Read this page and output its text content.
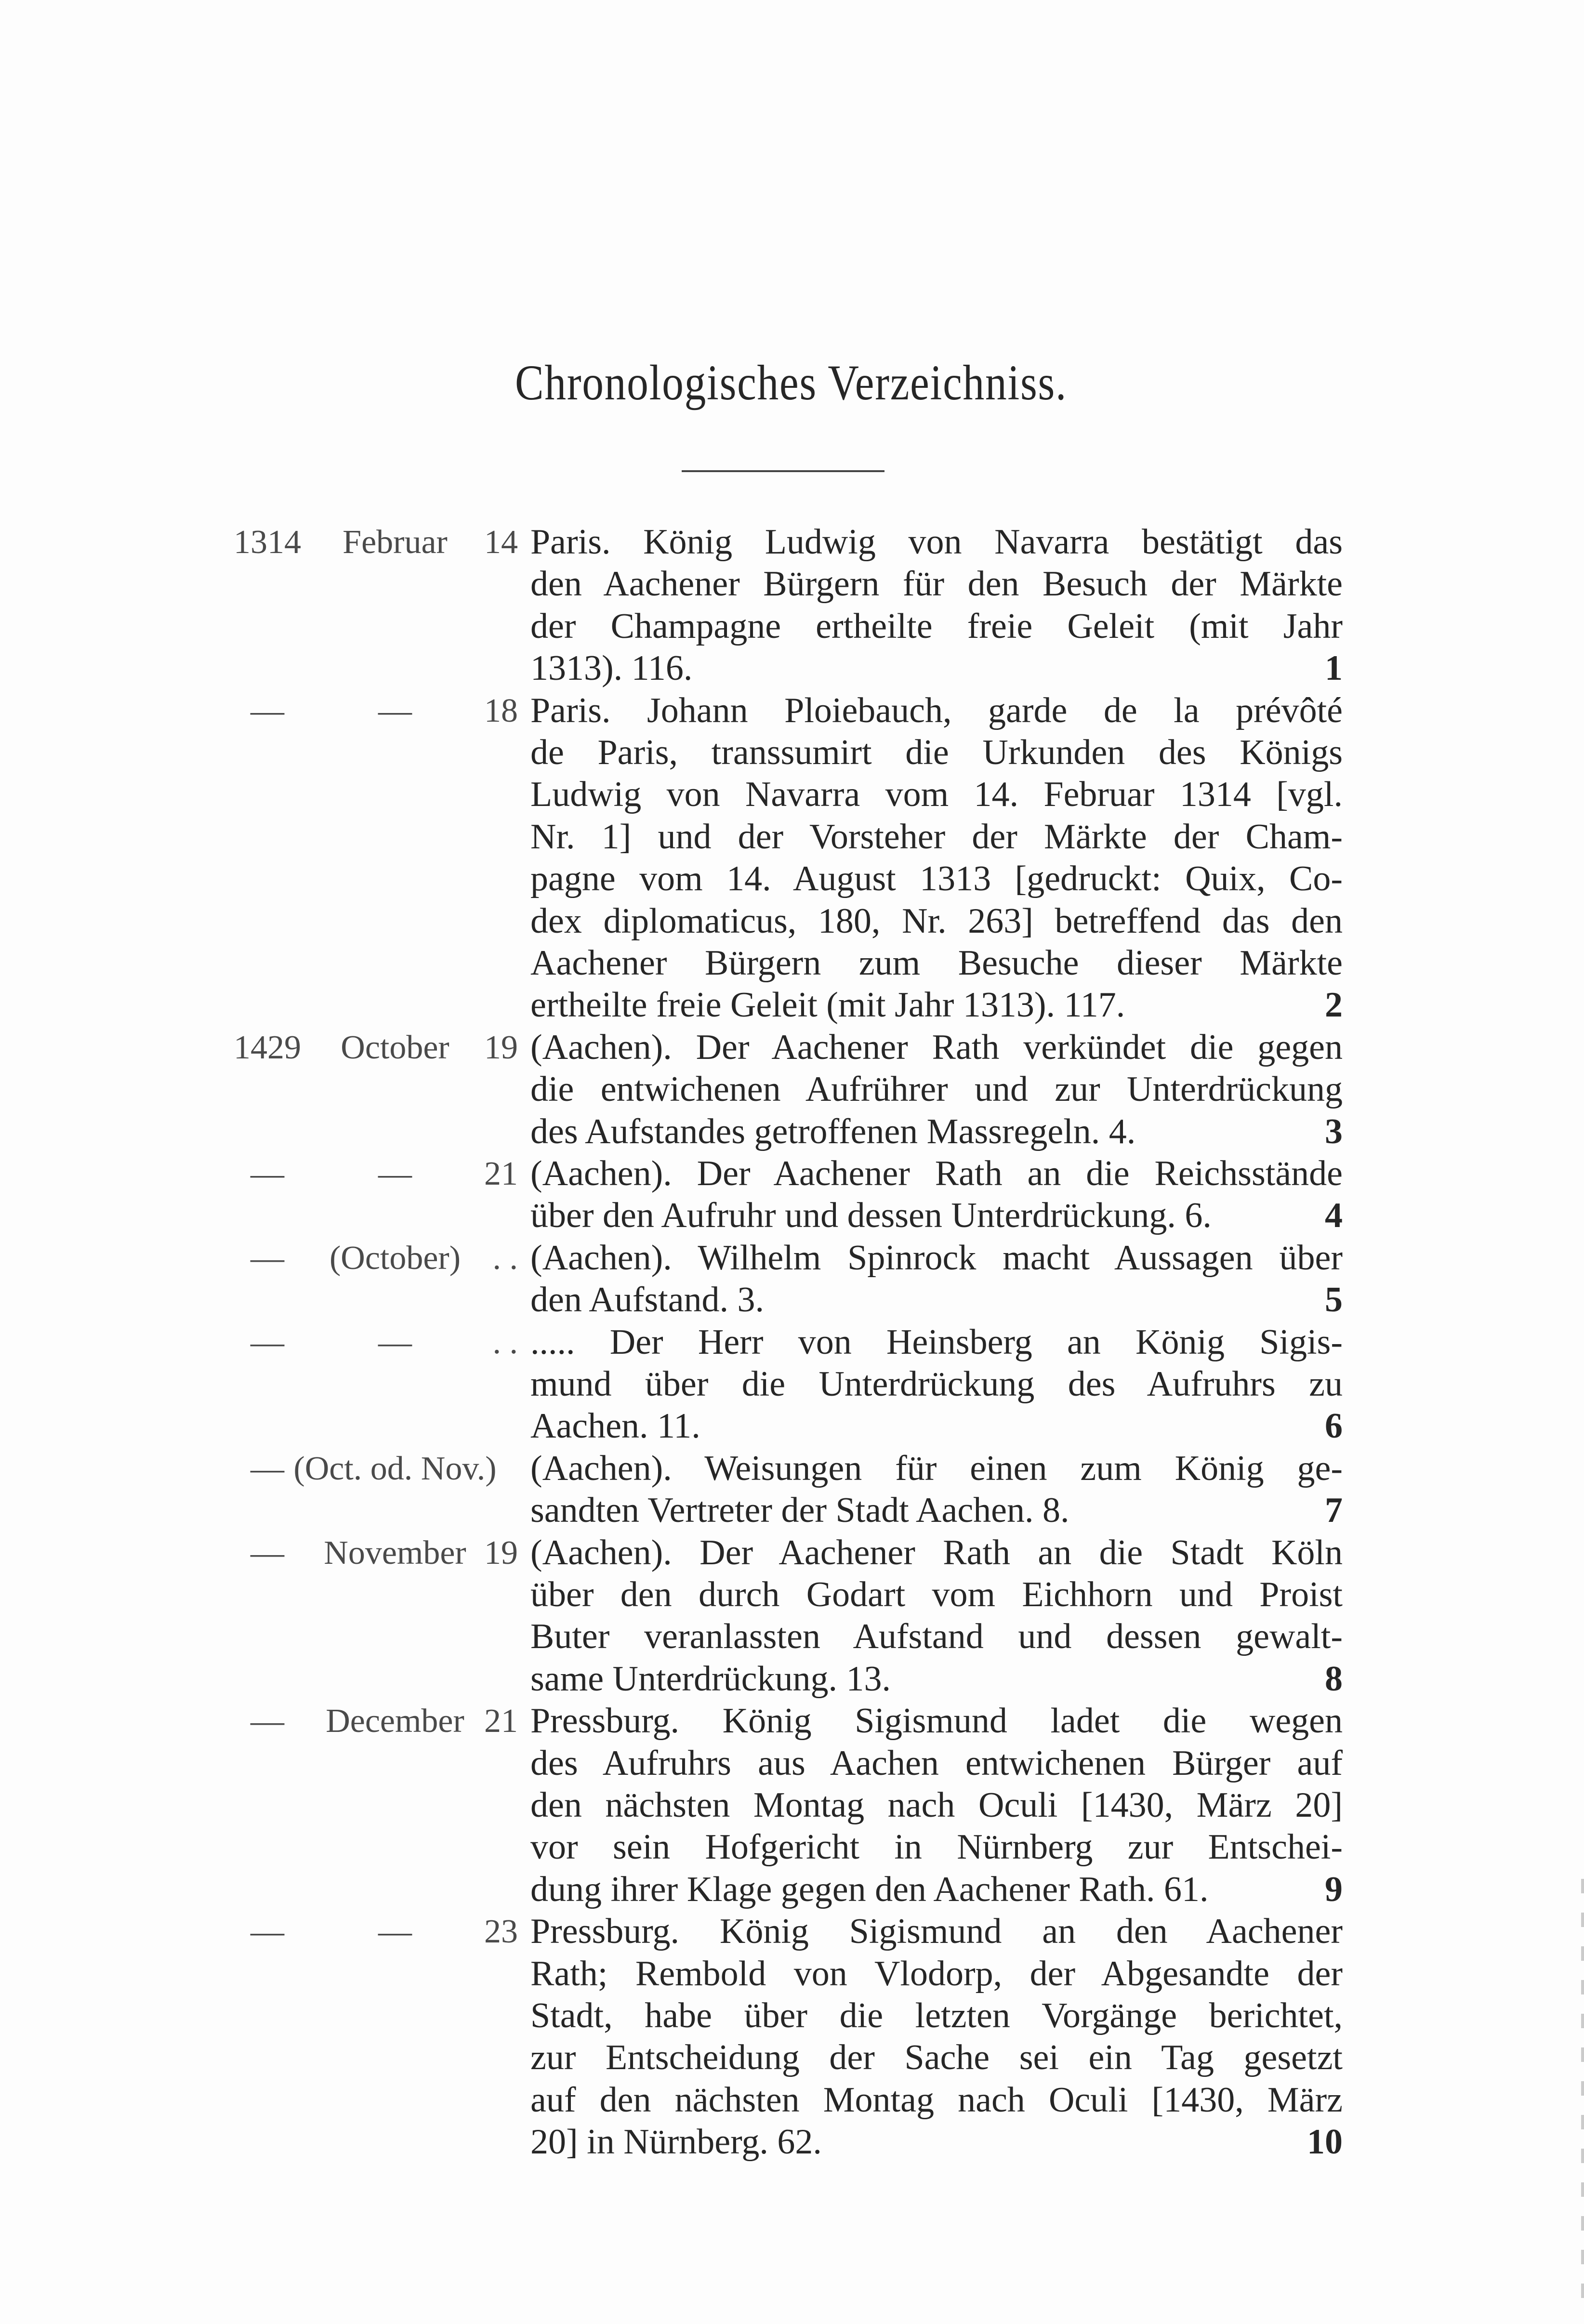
Chronologisches Verzeichniss.
1314	Februar	14 Paris. König Ludwig von Navarra bestätigt das
den Aachener Bürgern für den Besuch der Märkte
der Champagne ertheilte freie Geleit (mit Jahr
1313). 116.	1
—	—	18 Paris. Johann Ploiebauch, garde de la prévôté
de Paris, transsumirt die Urkunden des Königs
Ludwig von Navarra vom 14. Februar 1314 [vgl.
Nr. 1] und der Vorsteher der Märkte der Cham-
pagne vom 14. August 1313 [gedruckt: Quix, Co-
dex diplomaticus, 180, Nr. 263] betreffend das den
Aachener Bürgern zum Besuche dieser Märkte
ertheilte freie Geleit (mit Jahr 1313). 117.	2
1429	October	19 (Aachen). Der Aachener Rath verkündet die gegen
die entwichenen Aufrührer und zur Unterdrückung
des Aufstandes getroffenen Massregeln. 4.	3
—	—	21 (Aachen). Der Aachener Rath an die Reichsstände
über den Aufruhr und dessen Unterdrückung. 6.	4
—	(October) . . (Aachen). Wilhelm Spinrock macht Aussagen über
den Aufstand. 3.	5
—	—	. . ..... Der Herr von Heinsberg an König Sigis-
mund über die Unterdrückung des Aufruhrs zu
Aachen. 11.	6
— (Oct. od. Nov.) (Aachen). Weisungen für einen zum König ge-
sandten Vertreter der Stadt Aachen. 8.	7
—	November 19 (Aachen). Der Aachener Rath an die Stadt Köln
über den durch Godart vom Eichhorn und Proist
Buter veranlassten Aufstand und dessen gewalt-
same Unterdrückung. 13.	8
—	December 21 Pressburg. König Sigismund ladet die wegen
des Aufruhrs aus Aachen entwichenen Bürger auf
den nächsten Montag nach Oculi [1430, März 20]
vor sein Hofgericht in Nürnberg zur Entschei-
dung ihrer Klage gegen den Aachener Rath. 61.	9
—	—	23 Pressburg. König Sigismund an den Aachener
Rath; Rembold von Vlodorp, der Abgesandte der
Stadt, habe über die letzten Vorgänge berichtet,
zur Entscheidung der Sache sei ein Tag gesetzt
auf den nächsten Montag nach Oculi [1430, März
20] in Nürnberg. 62.	10
